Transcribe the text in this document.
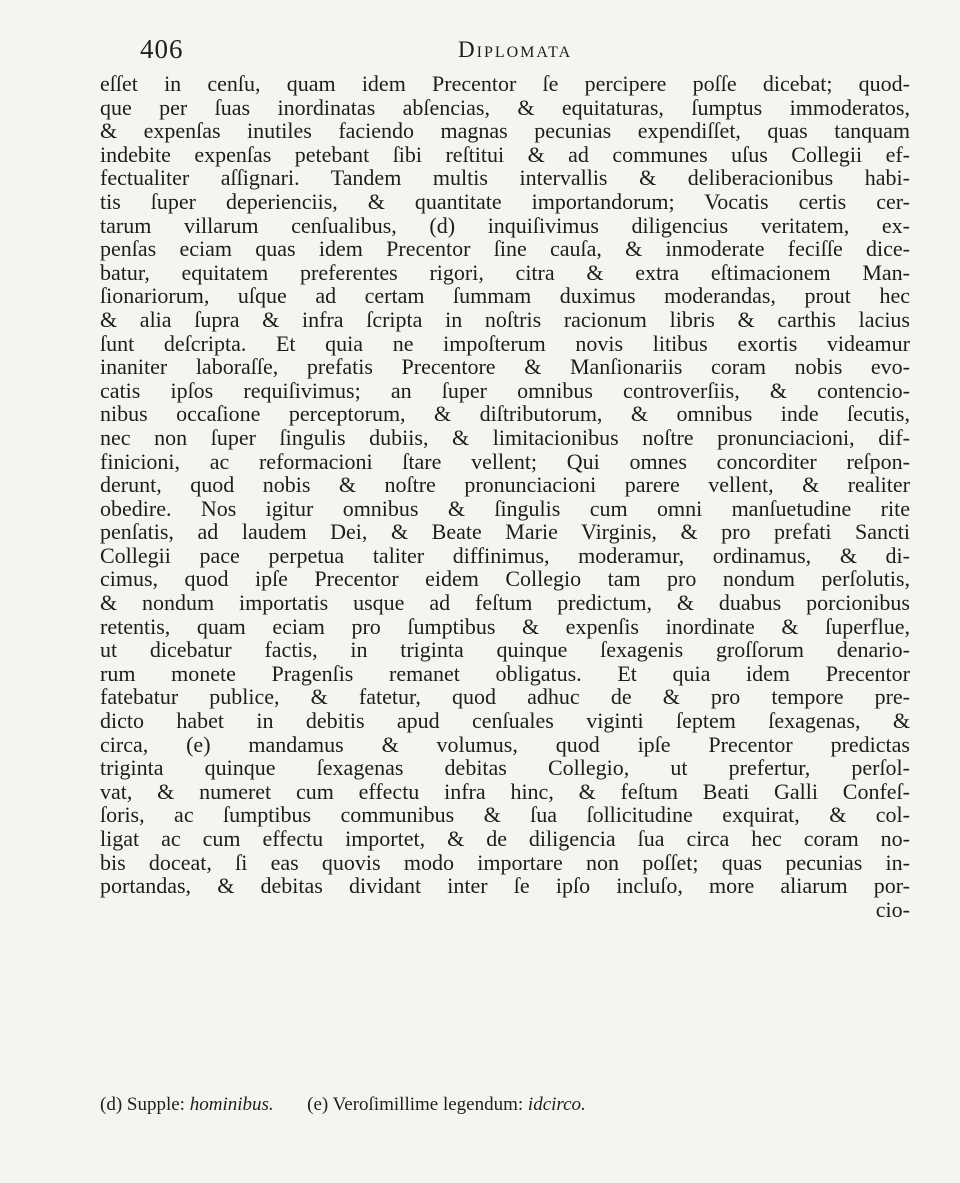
406	Diplomata
eſſet in cenſu, quam idem Precentor ſe percipere poſſe dicebat; quod-
que per ſuas inordinatas abſencias, & equitaturas, ſumptus immoderatos,
& expenſas inutiles faciendo magnas pecunias expendiſſet, quas tanquam
indebite expenſas petebant ſibi reſtitui & ad communes uſus Collegii ef-
fectualiter aſſignari. Tandem multis intervallis & deliberacionibus habi-
tis ſuper deperienciis, & quantitate importandorum; Vocatis certis cer-
tarum villarum cenſualibus, (d) inquiſivimus diligencius veritatem, ex-
penſas eciam quas idem Precentor ſine cauſa, & inmoderate feciſſe dice-
batur, equitatem preferentes rigori, citra & extra eſtimacionem Man-
ſionariorum, uſque ad certam ſummam duximus moderandas, prout hec
& alia ſupra & infra ſcripta in noſtris racionum libris & carthis lacius
ſunt deſcripta. Et quia ne impoſterum novis litibus exortis videamur
inaniter laboraſſe, prefatis Precentore & Manſionariis coram nobis evo-
catis ipſos requiſivimus; an ſuper omnibus controverſiis, & contencio-
nibus occaſione perceptorum, & diſtributorum, & omnibus inde ſecutis,
nec non ſuper ſingulis dubiis, & limitacionibus noſtre pronunciacioni, dif-
finicioni, ac reformacioni ſtare vellent; Qui omnes concorditer reſpon-
derunt, quod nobis & noſtre pronunciacioni parere vellent, & realiter
obedire. Nos igitur omnibus & ſingulis cum omni manſuetudine rite
penſatis, ad laudem Dei, & Beate Marie Virginis, & pro prefati Sancti
Collegii pace perpetua taliter diffinimus, moderamur, ordinamus, & di-
cimus, quod ipſe Precentor eidem Collegio tam pro nondum perſolutis,
& nondum importatis usque ad feſtum predictum, & duabus porcionibus
retentis, quam eciam pro ſumptibus & expenſis inordinate & ſuperflue,
ut dicebatur factis, in triginta quinque ſexagenis groſſorum denario-
rum monete Pragenſis remanet obligatus. Et quia idem Precentor
fatebatur publice, & fatetur, quod adhuc de & pro tempore pre-
dicto habet in debitis apud cenſuales viginti ſeptem ſexagenas, &
circa, (e) mandamus & volumus, quod ipſe Precentor predictas
triginta quinque ſexagenas debitas Collegio, ut prefertur, perſol-
vat, & numeret cum effectu infra hinc, & feſtum Beati Galli Confeſ-
ſoris, ac ſumptibus communibus & ſua ſollicitudine exquirat, & col-
ligat ac cum effectu importet, & de diligencia ſua circa hec coram no-
bis doceat, ſi eas quovis modo importare non poſſet; quas pecunias in-
portandas, & debitas dividant inter ſe ipſo incluſo, more aliarum por-
cio-
(d) Supple: hominibus. (e) Veroſimillime legendum: idcirco.
